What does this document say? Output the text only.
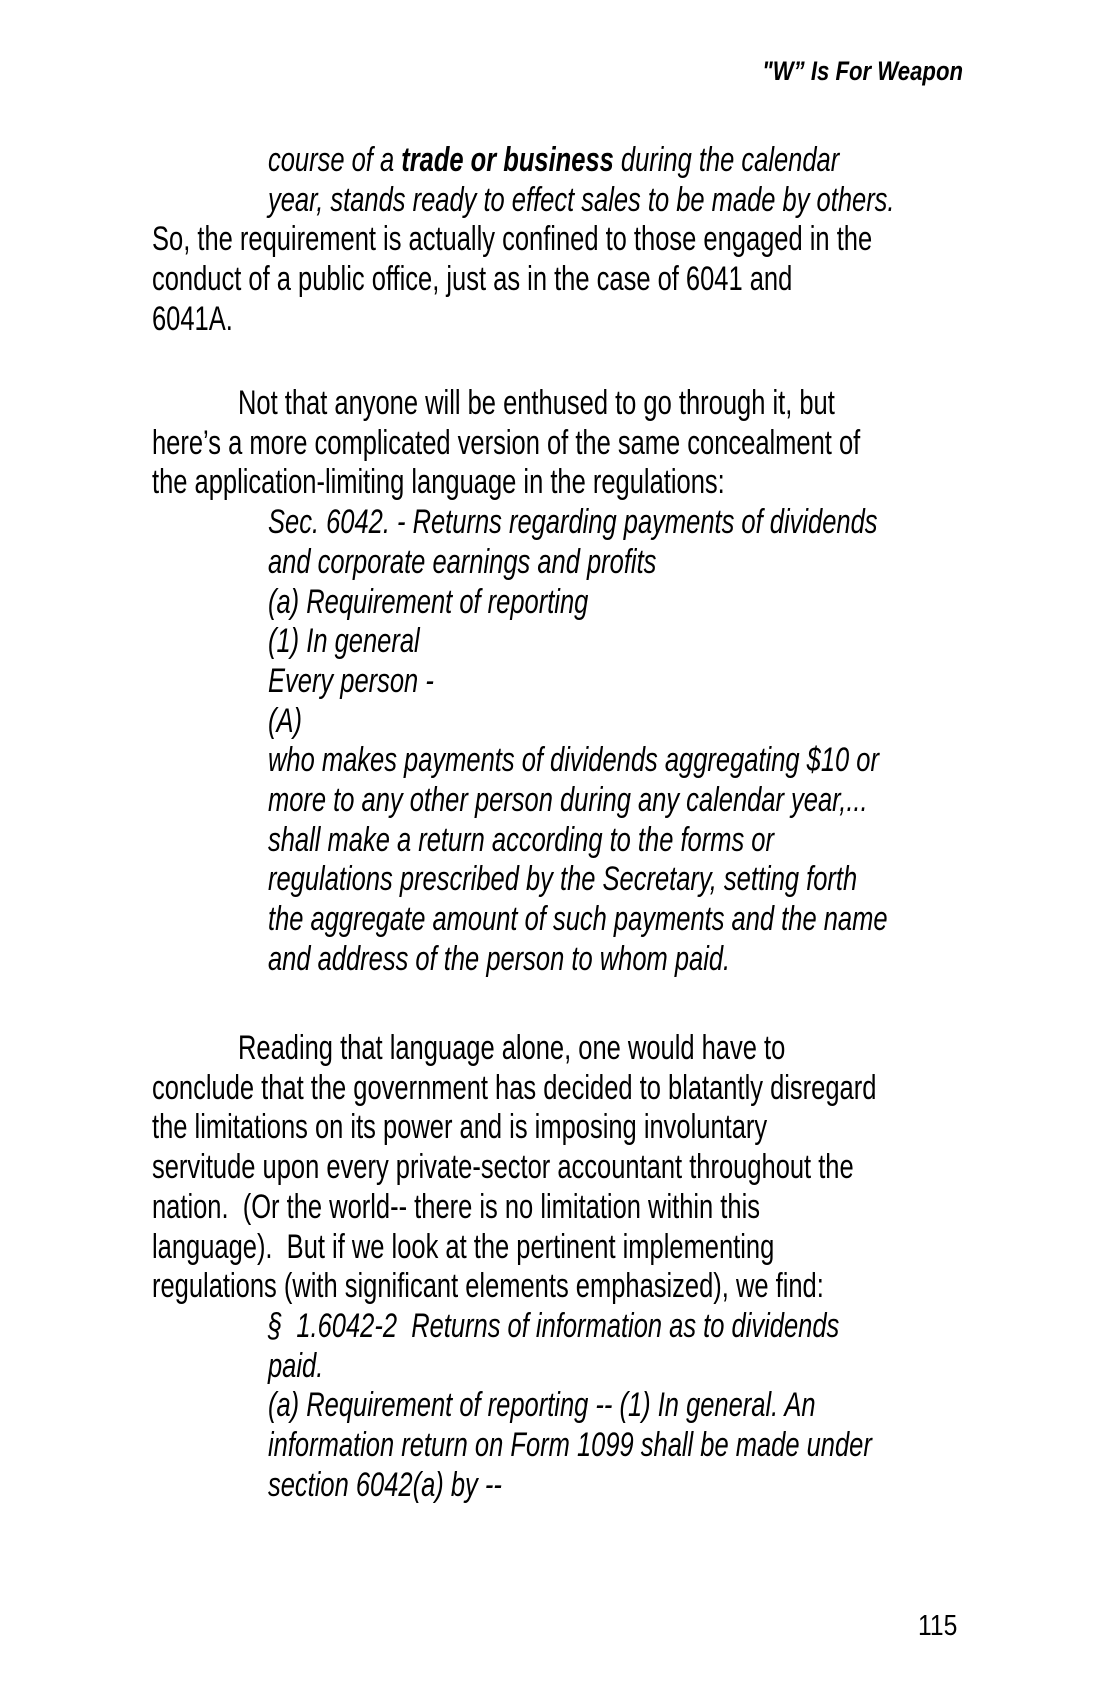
"W” Is For Weapon
course of a trade or business during the calendar
year, stands ready to effect sales to be made by others.
So, the requirement is actually confined to those engaged in the
conduct of a public office, just as in the case of 6041 and
6041A.
Not that anyone will be enthused to go through it, but
here’s a more complicated version of the same concealment of
the application-limiting language in the regulations:
Sec. 6042. - Returns regarding payments of dividends
and corporate earnings and profits
(a) Requirement of reporting
(1) In general
Every person -
(A)
who makes payments of dividends aggregating $10 or
more to any other person during any calendar year,...
shall make a return according to the forms or
regulations prescribed by the Secretary, setting forth
the aggregate amount of such payments and the name
and address of the person to whom paid.
Reading that language alone, one would have to
conclude that the government has decided to blatantly disregard
the limitations on its power and is imposing involuntary
servitude upon every private-sector accountant throughout the
nation.  (Or the world-- there is no limitation within this
language).  But if we look at the pertinent implementing
regulations (with significant elements emphasized), we find:
§  1.6042-2  Returns of information as to dividends
paid.
(a) Requirement of reporting -- (1) In general. An
information return on Form 1099 shall be made under
section 6042(a) by --
115
